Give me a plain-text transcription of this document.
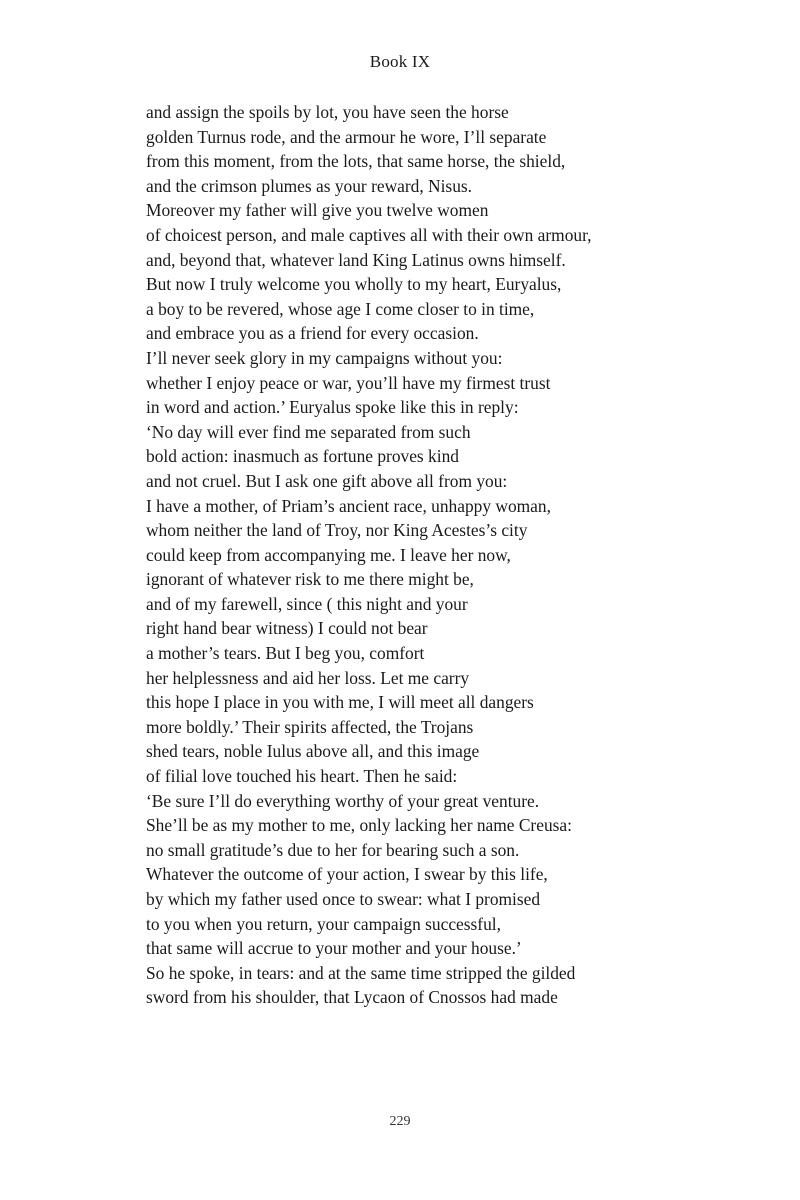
Book IX
and assign the spoils by lot, you have seen the horse
golden Turnus rode, and the armour he wore, I’ll separate
from this moment, from the lots, that same horse, the shield,
and the crimson plumes as your reward, Nisus.
Moreover my father will give you twelve women
of choicest person, and male captives all with their own armour,
and, beyond that, whatever land King Latinus owns himself.
But now I truly welcome you wholly to my heart, Euryalus,
a boy to be revered, whose age I come closer to in time,
and embrace you as a friend for every occasion.
I’ll never seek glory in my campaigns without you:
whether I enjoy peace or war, you’ll have my firmest trust
in word and action.’ Euryalus spoke like this in reply:
‘No day will ever find me separated from such
bold action: inasmuch as fortune proves kind
and not cruel. But I ask one gift above all from you:
I have a mother, of Priam’s ancient race, unhappy woman,
whom neither the land of Troy, nor King Acestes’s city
could keep from accompanying me. I leave her now,
ignorant of whatever risk to me there might be,
and of my farewell, since ( this night and your
right hand bear witness) I could not bear
a mother’s tears. But I beg you, comfort
her helplessness and aid her loss. Let me carry
this hope I place in you with me, I will meet all dangers
more boldly.’ Their spirits affected, the Trojans
shed tears, noble Iulus above all, and this image
of filial love touched his heart. Then he said:
‘Be sure I’ll do everything worthy of your great venture.
She’ll be as my mother to me, only lacking her name Creusa:
no small gratitude’s due to her for bearing such a son.
Whatever the outcome of your action, I swear by this life,
by which my father used once to swear: what I promised
to you when you return, your campaign successful,
that same will accrue to your mother and your house.’
So he spoke, in tears: and at the same time stripped the gilded
sword from his shoulder, that Lycaon of Cnossos had made
229
